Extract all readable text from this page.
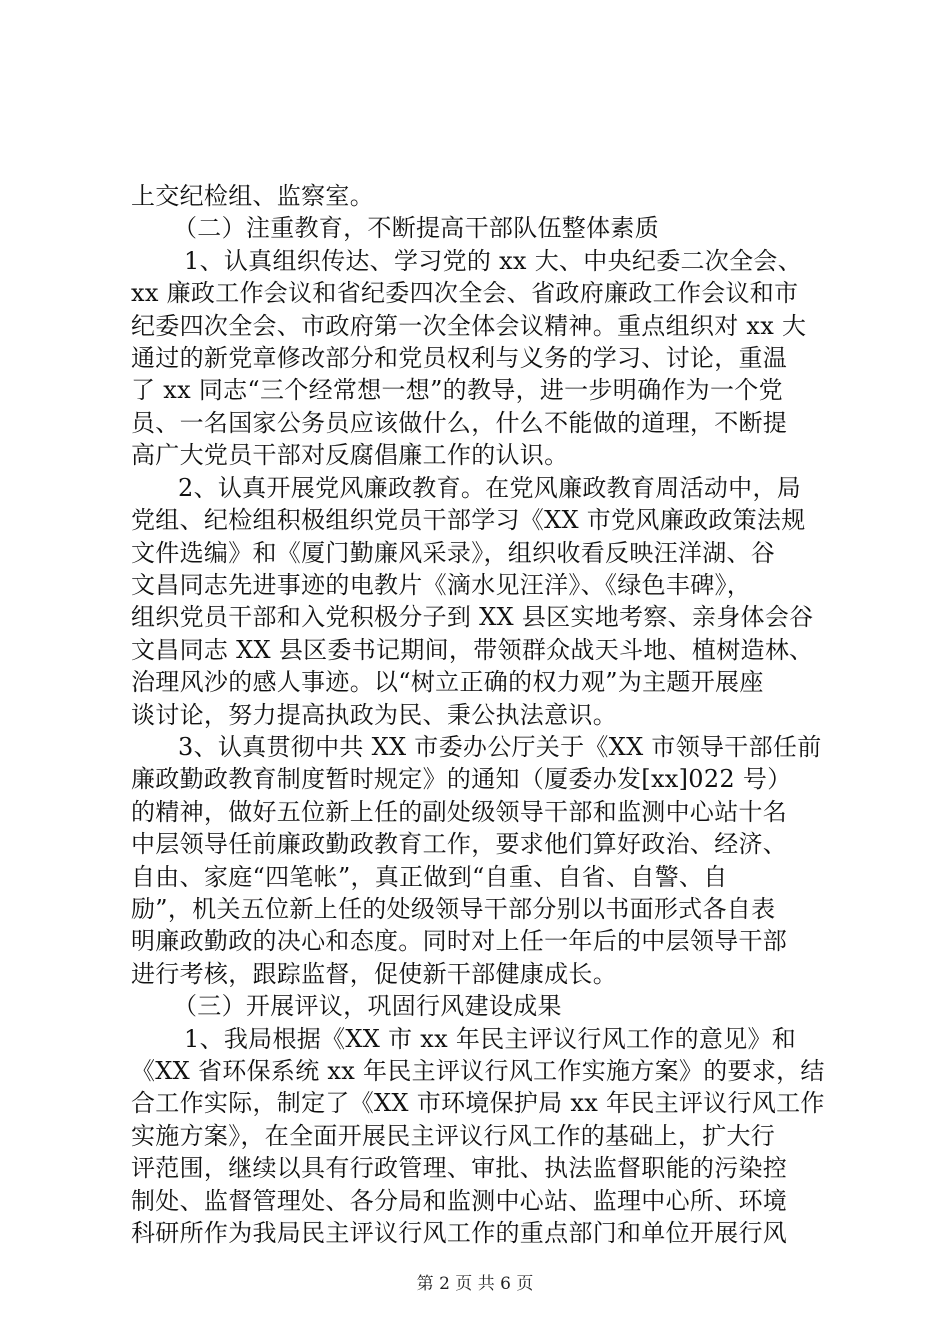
上交纪检组、监察室。
（二）注重教育，不断提高干部队伍整体素质
1、认真组织传达、学习党的 xx 大、中央纪委二次全会、
xx 廉政工作会议和省纪委四次全会、省政府廉政工作会议和市
纪委四次全会、市政府第一次全体会议精神。重点组织对 xx 大
通过的新党章修改部分和党员权利与义务的学习、讨论，重温
了 xx 同志“三个经常想一想”的教导，进一步明确作为一个党
员、一名国家公务员应该做什么，什么不能做的道理，不断提
高广大党员干部对反腐倡廉工作的认识。
2、认真开展党风廉政教育。在党风廉政教育周活动中，局
党组、纪检组积极组织党员干部学习《XX 市党风廉政政策法规
文件选编》和《厦门勤廉风采录》，组织收看反映汪洋湖、谷
文昌同志先进事迹的电教片《滴水见汪洋》、《绿色丰碑》，
组织党员干部和入党积极分子到 XX 县区实地考察、亲身体会谷
文昌同志 XX 县区委书记期间，带领群众战天斗地、植树造林、
治理风沙的感人事迹。以“树立正确的权力观”为主题开展座
谈讨论，努力提高执政为民、秉公执法意识。
3、认真贯彻中共 XX 市委办公厅关于《XX 市领导干部任前
廉政勤政教育制度暂时规定》的通知（厦委办发[xx]022 号）
的精神，做好五位新上任的副处级领导干部和监测中心站十名
中层领导任前廉政勤政教育工作，要求他们算好政治、经济、
自由、家庭“四笔帐”，真正做到“自重、自省、自警、自
励”，机关五位新上任的处级领导干部分别以书面形式各自表
明廉政勤政的决心和态度。同时对上任一年后的中层领导干部
进行考核，跟踪监督，促使新干部健康成长。
（三）开展评议，巩固行风建设成果
1、我局根据《XX 市 xx 年民主评议行风工作的意见》和
《XX 省环保系统 xx 年民主评议行风工作实施方案》的要求，结
合工作实际，制定了《XX 市环境保护局 xx 年民主评议行风工作
实施方案》，在全面开展民主评议行风工作的基础上，扩大行
评范围，继续以具有行政管理、审批、执法监督职能的污染控
制处、监督管理处、各分局和监测中心站、监理中心所、环境
科研所作为我局民主评议行风工作的重点部门和单位开展行风
第 2 页 共 6 页
